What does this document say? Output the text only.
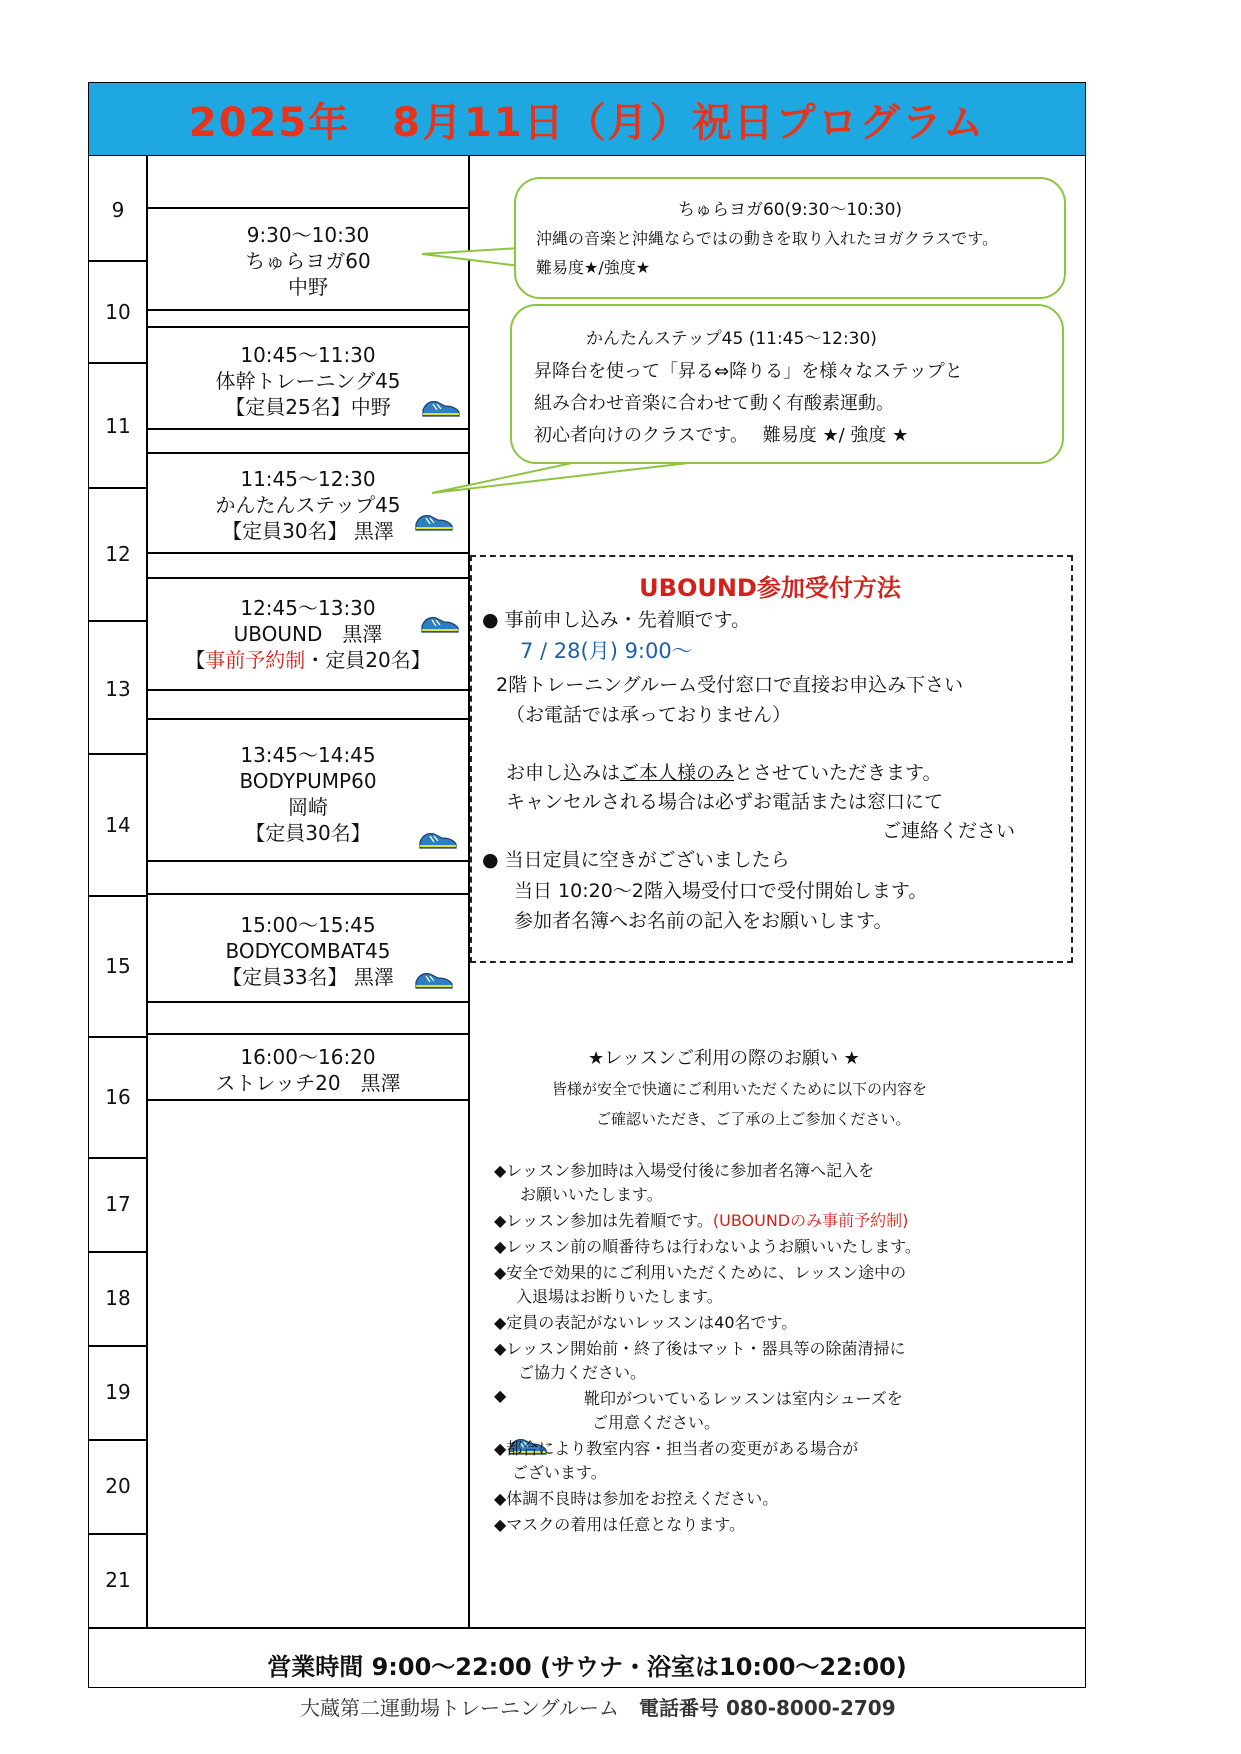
2025年　8月11日（月）祝日プログラム
9
10
11
12
13
14
15
16
17
18
19
20
21
9:30〜10:30
ちゅらヨガ60
中野
10:45〜11:30
体幹トレーニング45
【定員25名】中野
11:45〜12:30
かんたんステップ45
【定員30名】 黒澤
12:45〜13:30
UBOUND　黒澤
【事前予約制・定員20名】
13:45〜14:45
BODYPUMP60
岡崎
【定員30名】
15:00〜15:45
BODYCOMBAT45
【定員33名】 黒澤
16:00〜16:20
ストレッチ20　黒澤

ちゅらヨガ60(9:30〜10:30)

沖縄の音楽と沖縄ならではの動きを取り入れたヨガクラスです。

難易度★/強度★

かんたんステップ45 (11:45〜12:30)

昇降台を使って「昇る⇔降りる」を様々なステップと

組み合わせ音楽に合わせて動く有酸素運動。

初心者向けのクラスです。　 難易度 ★/ 強度 ★

UBOUND参加受付方法
● 事前申し込み・先着順です。
7 / 28(月) 9:00〜
2階トレーニングルーム受付窓口で直接お申込み下さい
（お電話では承っておりません）
お申し込みはご本人様のみとさせていただきます。
キャンセルされる場合は必ずお電話または窓口にて
ご連絡ください
● 当日定員に空きがございましたら
当日 10:20〜2階入場受付口で受付開始します。
参加者名簿へお名前の記入をお願いします。
★レッスンご利用の際のお願い ★
皆様が安全で快適にご利用いただくために以下の内容を
ご確認いただき、ご了承の上ご参加ください。
◆レッスン参加時は入場受付後に参加者名簿へ記入を
お願いいたします。
◆レッスン参加は先着順です。(UBOUNDのみ事前予約制)
◆レッスン前の順番待ちは行わないようお願いいたします。
◆安全で効果的にご利用いただくために、レッスン途中の
入退場はお断りいたします。
◆定員の表記がないレッスンは40名です。
◆レッスン開始前・終了後はマット・器具等の除菌清掃に
ご協力ください。
◆	靴印がついているレッスンは室内シューズを
ご用意ください。
◆都合により教室内容・担当者の変更がある場合が
ございます。
◆体調不良時は参加をお控えください。
◆マスクの着用は任意となります。
営業時間 9:00〜22:00 (サウナ・浴室は10:00〜22:00)
大蔵第二運動場トレーニングルーム　電話番号 080-8000-2709
